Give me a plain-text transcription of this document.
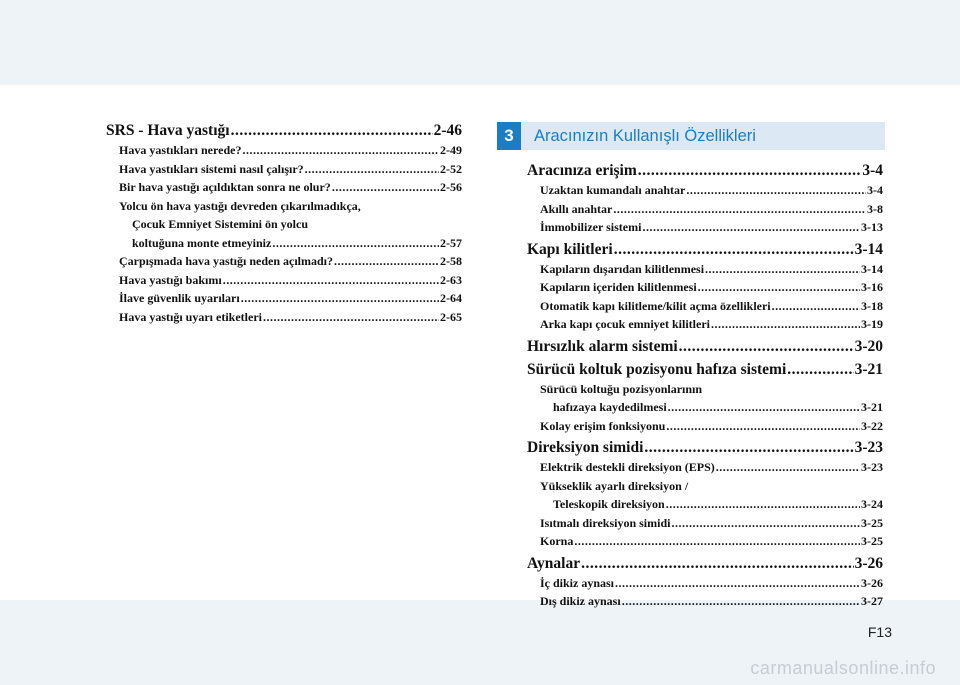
SRS - Hava yastığı .....	2-46
Hava yastıkları nerede? .....	2-49
Hava yastıkları sistemi nasıl çalışır? .....	2-52
Bir hava yastığı açıldıktan sonra ne olur? .....	2-56
Yolcu ön hava yastığı devreden çıkarılmadıkça,
Çocuk Emniyet Sistemini ön yolcu
koltuğuna monte etmeyiniz .....	2-57
Çarpışmada hava yastığı neden açılmadı? .....	2-58
Hava yastığı bakımı .....	2-63
İlave güvenlik uyarıları .....	2-64
Hava yastığı uyarı etiketleri .....	2-65
3	Aracınızın Kullanışlı Özellikleri
Aracınıza erişim .....	3-4
Uzaktan kumandalı anahtar .....	3-4
Akıllı anahtar .....	3-8
İmmobilizer sistemi .....	3-13
Kapı kilitleri .....	3-14
Kapıların dışarıdan kilitlenmesi .....	3-14
Kapıların içeriden kilitlenmesi .....	3-16
Otomatik kapı kilitleme/kilit açma özellikleri .....	3-18
Arka kapı çocuk emniyet kilitleri .....	3-19
Hırsızlık alarm sistemi .....	3-20
Sürücü koltuk pozisyonu hafıza sistemi .....	3-21
Sürücü koltuğu pozisyonlarının
hafızaya kaydedilmesi .....	3-21
Kolay erişim fonksiyonu .....	3-22
Direksiyon simidi .....	3-23
Elektrik destekli direksiyon (EPS) .....	3-23
Yükseklik ayarlı direksiyon /
Teleskopik direksiyon .....	3-24
Isıtmalı direksiyon simidi .....	3-25
Korna .....	3-25
Aynalar .....	3-26
İç dikiz aynası .....	3-26
Dış dikiz aynası .....	3-27
F13
carmanualsonline.info
